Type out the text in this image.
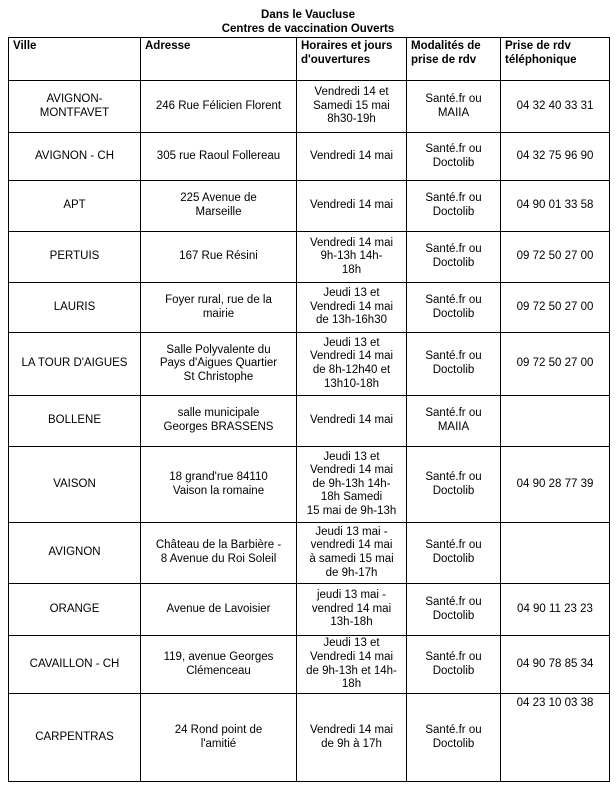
Dans le Vaucluse
Centres de vaccination Ouverts
Ville	Adresse	Horaires et jours
d'ouvertures	Modalités de
prise de rdv	Prise de rdv
téléphonique

AVIGNON-
MONTFAVET	246 Rue Félicien Florent	Vendredi 14 et
Samedi 15 mai
8h30-19h	Santé.fr ou
MAIIA	04 32 40 33 31

AVIGNON - CH	305 rue Raoul Follereau	Vendredi 14 mai	Santé.fr ou
Doctolib	04 32 75 96 90

APT	225 Avenue de
Marseille	Vendredi 14 mai	Santé.fr ou
Doctolib	04 90 01 33 58

PERTUIS	167 Rue Résini	Vendredi 14 mai
9h-13h 14h-
18h	Santé.fr ou
Doctolib	09 72 50 27 00

LAURIS	Foyer rural, rue de la
mairie	Jeudi 13 et
Vendredi 14 mai
de 13h-16h30	Santé.fr ou
Doctolib	09 72 50 27 00

LA TOUR D'AIGUES	Salle Polyvalente du
Pays d'Aigues Quartier
St Christophe	Jeudi 13 et
Vendredi 14 mai
de 8h-12h40 et
13h10-18h	Santé.fr ou
Doctolib	09 72 50 27 00

BOLLENE	salle municipale
Georges BRASSENS	Vendredi 14 mai	Santé.fr ou
MAIIA	

VAISON	18 grand'rue 84110
Vaison la romaine	Jeudi 13 et
Vendredi 14 mai
de 9h-13h 14h-
18h Samedi
15 mai de 9h-13h	Santé.fr ou
Doctolib	04 90 28 77 39

AVIGNON	Château de la Barbière -
8 Avenue du Roi Soleil	Jeudi 13 mai -
vendredi 14 mai
à samedi 15 mai
de 9h-17h	Santé.fr ou
Doctolib	

ORANGE	Avenue de Lavoisier	jeudi 13 mai -
vendred 14 mai
13h-18h	Santé.fr ou
Doctolib	04 90 11 23 23

CAVAILLON - CH	119, avenue Georges
Clémenceau	Jeudi 13 et
Vendredi 14 mai
de 9h-13h et 14h-
18h	Santé.fr ou
Doctolib	04 90 78 85 34

CARPENTRAS	24 Rond point de
l'amitié	Vendredi 14 mai
de 9h à 17h	Santé.fr ou
Doctolib	04 23 10 03 38
